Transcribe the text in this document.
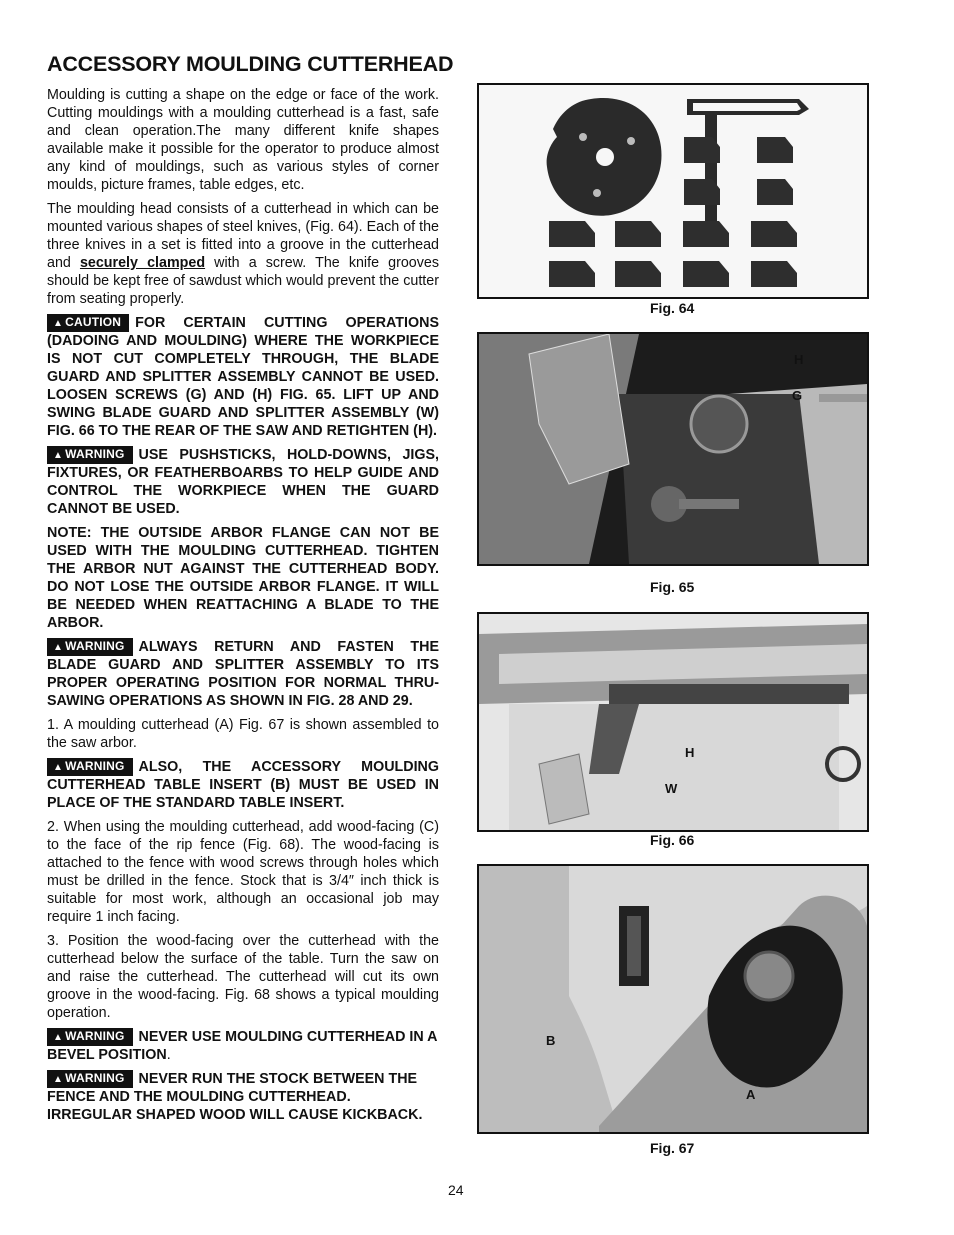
ACCESSORY MOULDING CUTTERHEAD

Moulding is cutting a shape on the edge or face of the work. Cutting mouldings with a moulding cutterhead is a fast, safe and clean operation.The many different knife shapes available make it possible for the operator to produce almost any kind of mouldings, such as various styles of corner moulds, picture frames, table edges, etc.

The moulding head consists of a cutterhead in which can be mounted various shapes of steel knives, (Fig. 64). Each of the three knives in a set is fitted into a groove in the cutterhead and securely clamped with a screw. The knife grooves should be kept free of sawdust which would prevent the cutter from seating properly.

▲ CAUTION FOR CERTAIN CUTTING OPERATIONS (DADOING AND MOULDING) WHERE THE WORKPIECE IS NOT CUT COMPLETELY THROUGH, THE BLADE GUARD AND SPLITTER ASSEMBLY CANNOT BE USED. LOOSEN SCREWS (G) AND (H) FIG. 65. LIFT UP AND SWING BLADE GUARD AND SPLITTER ASSEMBLY (W) FIG. 66 TO THE REAR OF THE SAW AND RETIGHTEN (H).

▲ WARNING USE PUSHSTICKS, HOLD-DOWNS, JIGS, FIXTURES, OR FEATHERBOARBS TO HELP GUIDE AND CONTROL THE WORKPIECE WHEN THE GUARD CANNOT BE USED.

NOTE: THE OUTSIDE ARBOR FLANGE CAN NOT BE USED WITH THE MOULDING CUTTERHEAD. TIGHTEN THE ARBOR NUT AGAINST THE CUTTERHEAD BODY. DO NOT LOSE THE OUTSIDE ARBOR FLANGE. IT WILL BE NEEDED WHEN REATTACHING A BLADE TO THE ARBOR.

▲ WARNING ALWAYS RETURN AND FASTEN THE BLADE GUARD AND SPLITTER ASSEMBLY TO ITS PROPER OPERATING POSITION FOR NORMAL THRU-SAWING OPERATIONS AS SHOWN IN FIG. 28 AND 29.

1. A moulding cutterhead (A) Fig. 67 is shown assembled to the saw arbor.

▲ WARNING ALSO, THE ACCESSORY MOULDING CUTTERHEAD TABLE INSERT (B) MUST BE USED IN PLACE OF THE STANDARD TABLE INSERT.

2. When using the moulding cutterhead, add wood-facing (C) to the face of the rip fence (Fig. 68). The wood-facing is attached to the fence with wood screws through holes which must be drilled in the fence. Stock that is 3/4″ inch thick is suitable for most work, although an occasional job may require 1 inch facing.

3. Position the wood-facing over the cutterhead with the cutterhead below the surface of the table. Turn the saw on and raise the cutterhead. The cutterhead will cut its own groove in the wood-facing. Fig. 68 shows a typical moulding operation.

▲ WARNING NEVER USE MOULDING CUTTERHEAD IN A BEVEL POSITION.

▲ WARNING NEVER RUN THE STOCK BETWEEN THE FENCE AND THE MOULDING CUTTERHEAD. IRREGULAR SHAPED WOOD WILL CAUSE KICKBACK.

Fig. 64
H
G
Fig. 65
H
W
Fig. 66
B
A
Fig. 67
24
